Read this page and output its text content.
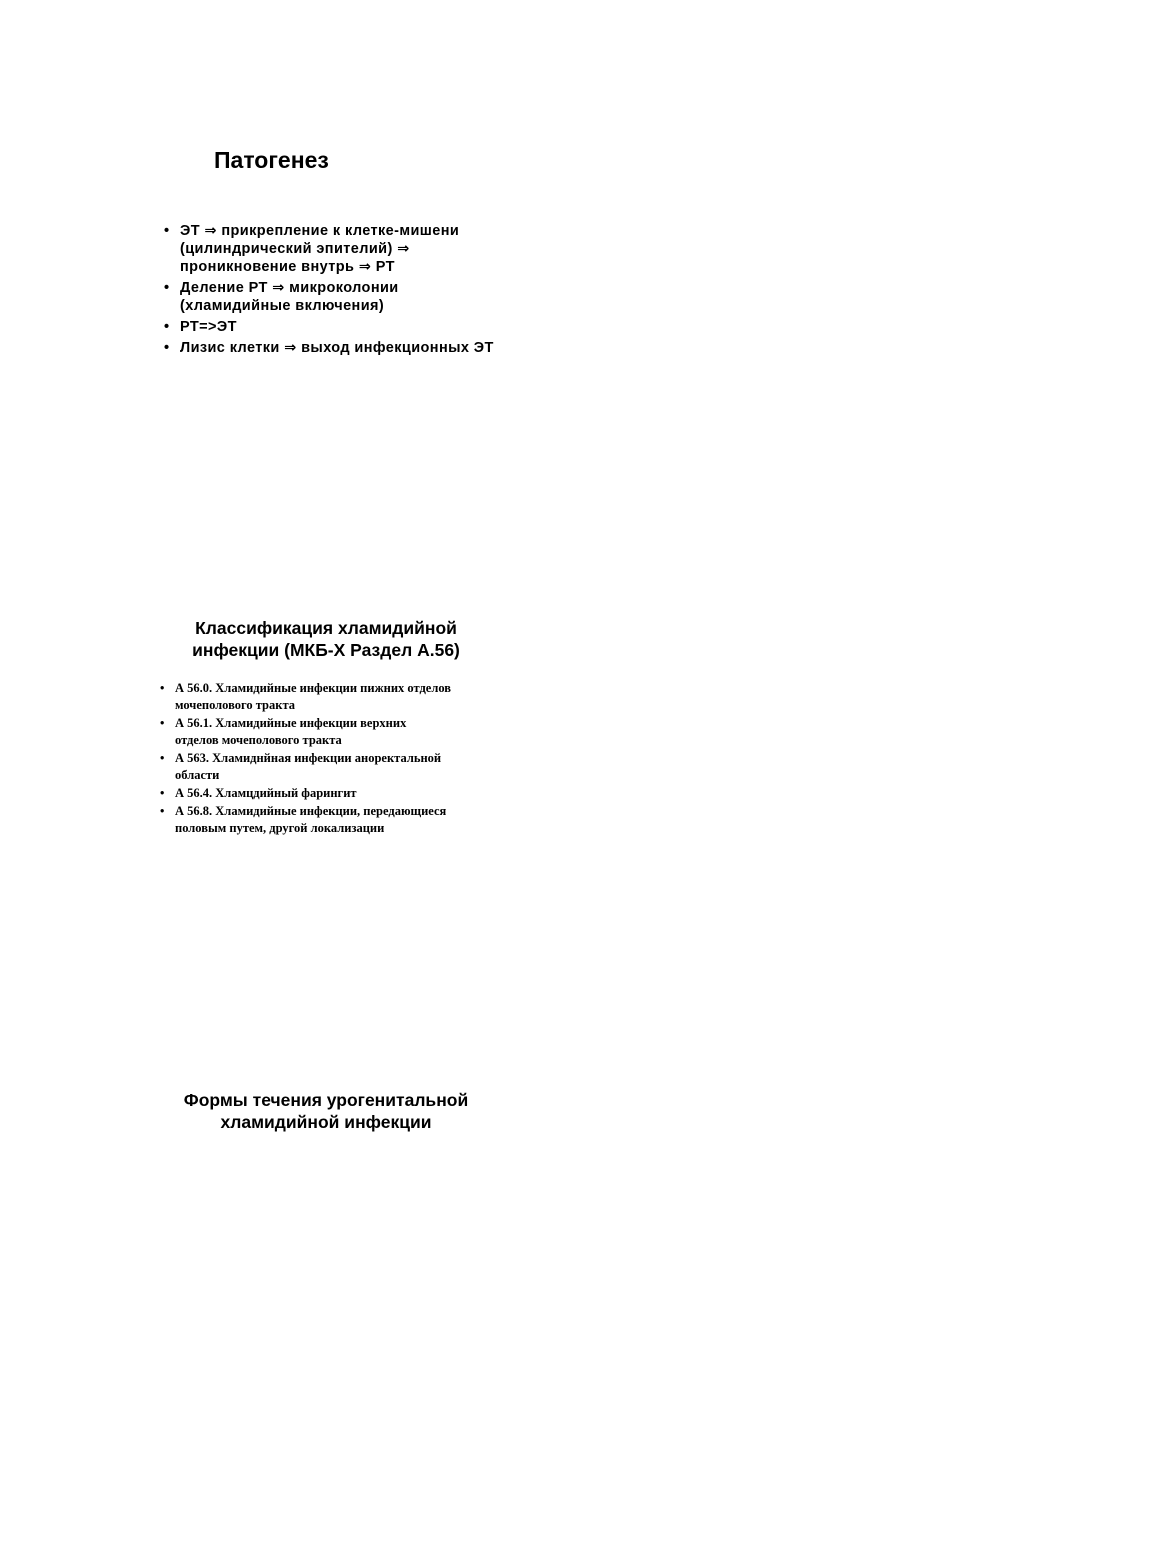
Патогенез
• ЭТ ⇒ прикрепление к клетке-мишени
(цилиндрический эпителий) ⇒
проникновение внутрь ⇒ РТ
• Деление РТ ⇒ микроколонии
(хламидийные включения)
• РТ=>ЭТ
• Лизис клетки ⇒ выход инфекционных ЭТ
Классификация хламидийной
инфекции (МКБ-Х Раздел А.56)
• А 56.0. Хламидийные инфекции пижних отделов
мочеполового тракта
• А 56.1. Хламидийные инфекции верхних
отделов мочеполового тракта
• А 563. Хламиднйная инфекции аноректальной
области
• А 56.4. Хламцдийный фарингит
• А 56.8. Хламидийные инфекции, передающиеся
половым путем, другой локализации
Формы течения урогенитальной
хламидийной инфекции
